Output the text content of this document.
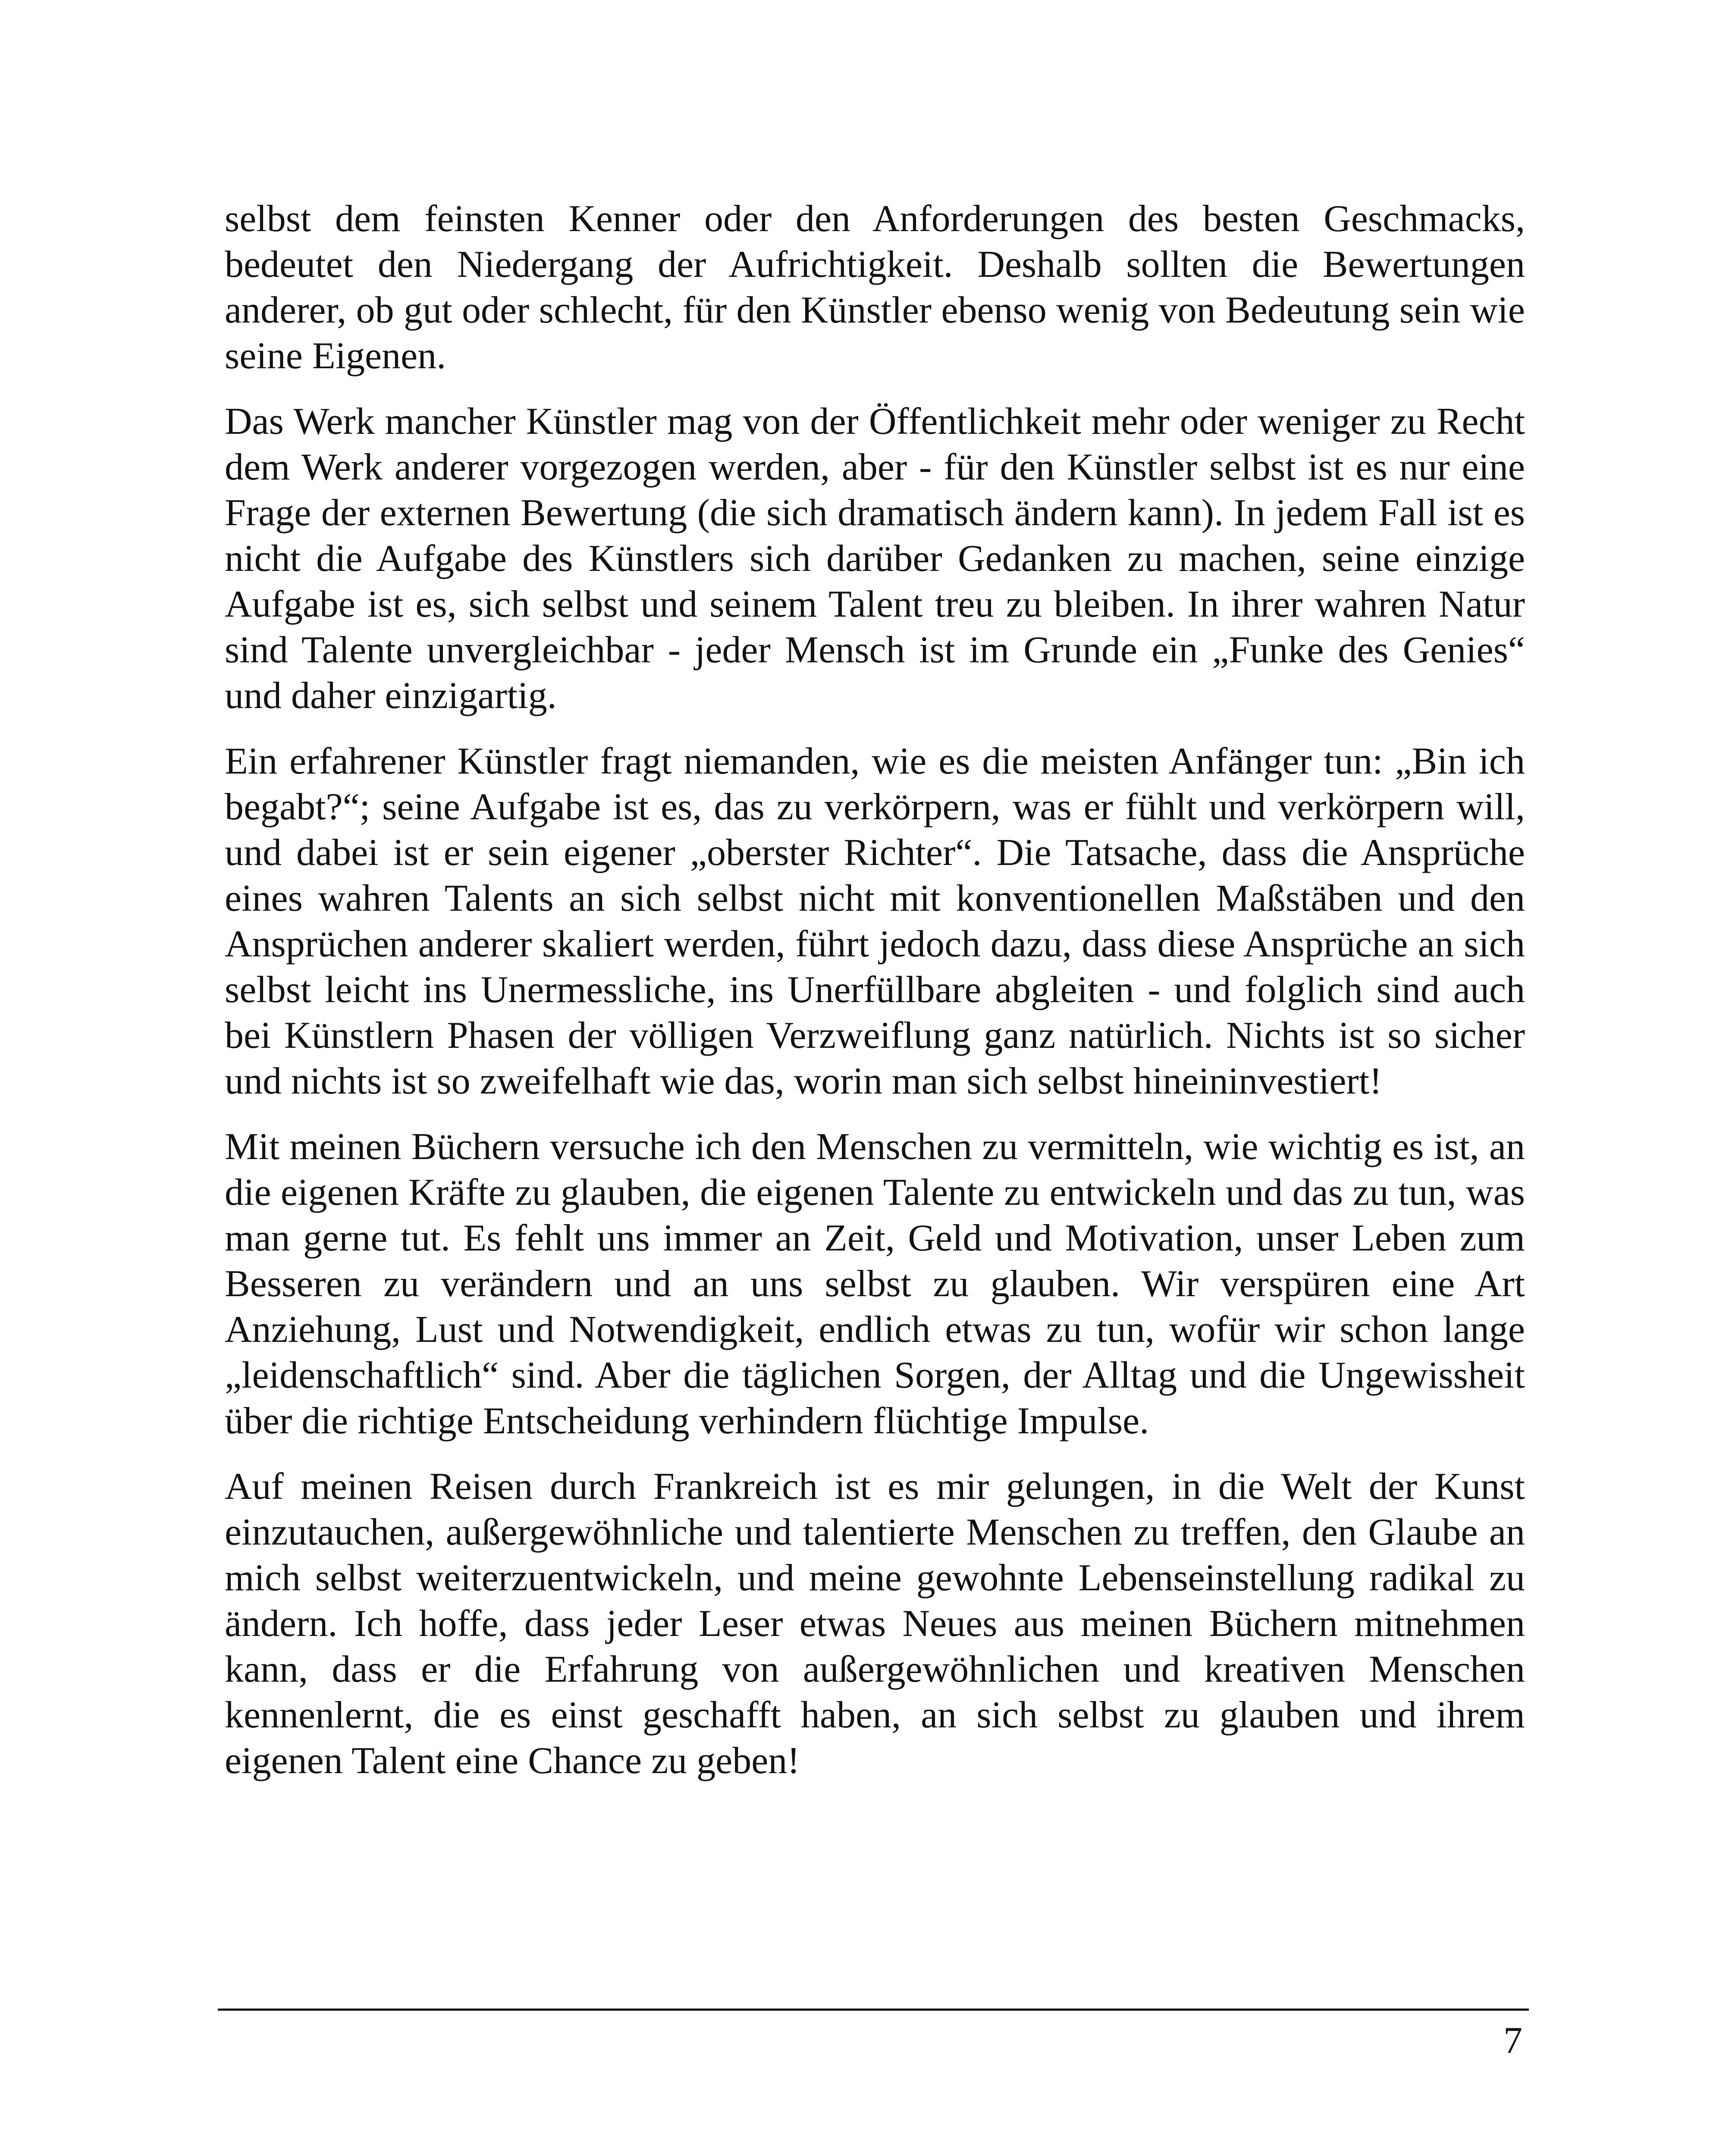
selbst dem feinsten Kenner oder den Anforderungen des besten Geschmacks, bedeutet den Niedergang der Aufrichtigkeit. Deshalb sollten die Bewertungen anderer, ob gut oder schlecht, für den Künstler ebenso wenig von Bedeutung sein wie seine Eigenen.

Das Werk mancher Künstler mag von der Öffentlichkeit mehr oder weniger zu Recht dem Werk anderer vorgezogen werden, aber - für den Künstler selbst ist es nur eine Frage der externen Bewertung (die sich dramatisch ändern kann). In jedem Fall ist es nicht die Aufgabe des Künstlers sich darüber Gedanken zu machen, seine einzige Aufgabe ist es, sich selbst und seinem Talent treu zu bleiben. In ihrer wahren Natur sind Talente unvergleichbar - jeder Mensch ist im Grunde ein „Funke des Genies“ und daher einzigartig.

Ein erfahrener Künstler fragt niemanden, wie es die meisten Anfänger tun: „Bin ich begabt?“; seine Aufgabe ist es, das zu verkörpern, was er fühlt und verkörpern will, und dabei ist er sein eigener „oberster Richter“. Die Tatsache, dass die Ansprüche eines wahren Talents an sich selbst nicht mit konventionellen Maßstäben und den Ansprüchen anderer skaliert werden, führt jedoch dazu, dass diese Ansprüche an sich selbst leicht ins Unermessliche, ins Unerfüllbare abgleiten - und folglich sind auch bei Künstlern Phasen der völligen Verzweiflung ganz natürlich. Nichts ist so sicher und nichts ist so zweifelhaft wie das, worin man sich selbst hineininvestiert!

Mit meinen Büchern versuche ich den Menschen zu vermitteln, wie wichtig es ist, an die eigenen Kräfte zu glauben, die eigenen Talente zu entwickeln und das zu tun, was man gerne tut. Es fehlt uns immer an Zeit, Geld und Motivation, unser Leben zum Besseren zu verändern und an uns selbst zu glauben. Wir verspüren eine Art Anziehung, Lust und Notwendigkeit, endlich etwas zu tun, wofür wir schon lange „leidenschaftlich“ sind. Aber die täglichen Sorgen, der Alltag und die Ungewissheit über die richtige Entscheidung verhindern flüchtige Impulse.

Auf meinen Reisen durch Frankreich ist es mir gelungen, in die Welt der Kunst einzutauchen, außergewöhnliche und talentierte Menschen zu treffen, den Glaube an mich selbst weiterzuentwickeln, und meine gewohnte Lebenseinstellung radikal zu ändern. Ich hoffe, dass jeder Leser etwas Neues aus meinen Büchern mitnehmen kann, dass er die Erfahrung von außergewöhnlichen und kreativen Menschen kennenlernt, die es einst geschafft haben, an sich selbst zu glauben und ihrem eigenen Talent eine Chance zu geben!

7
